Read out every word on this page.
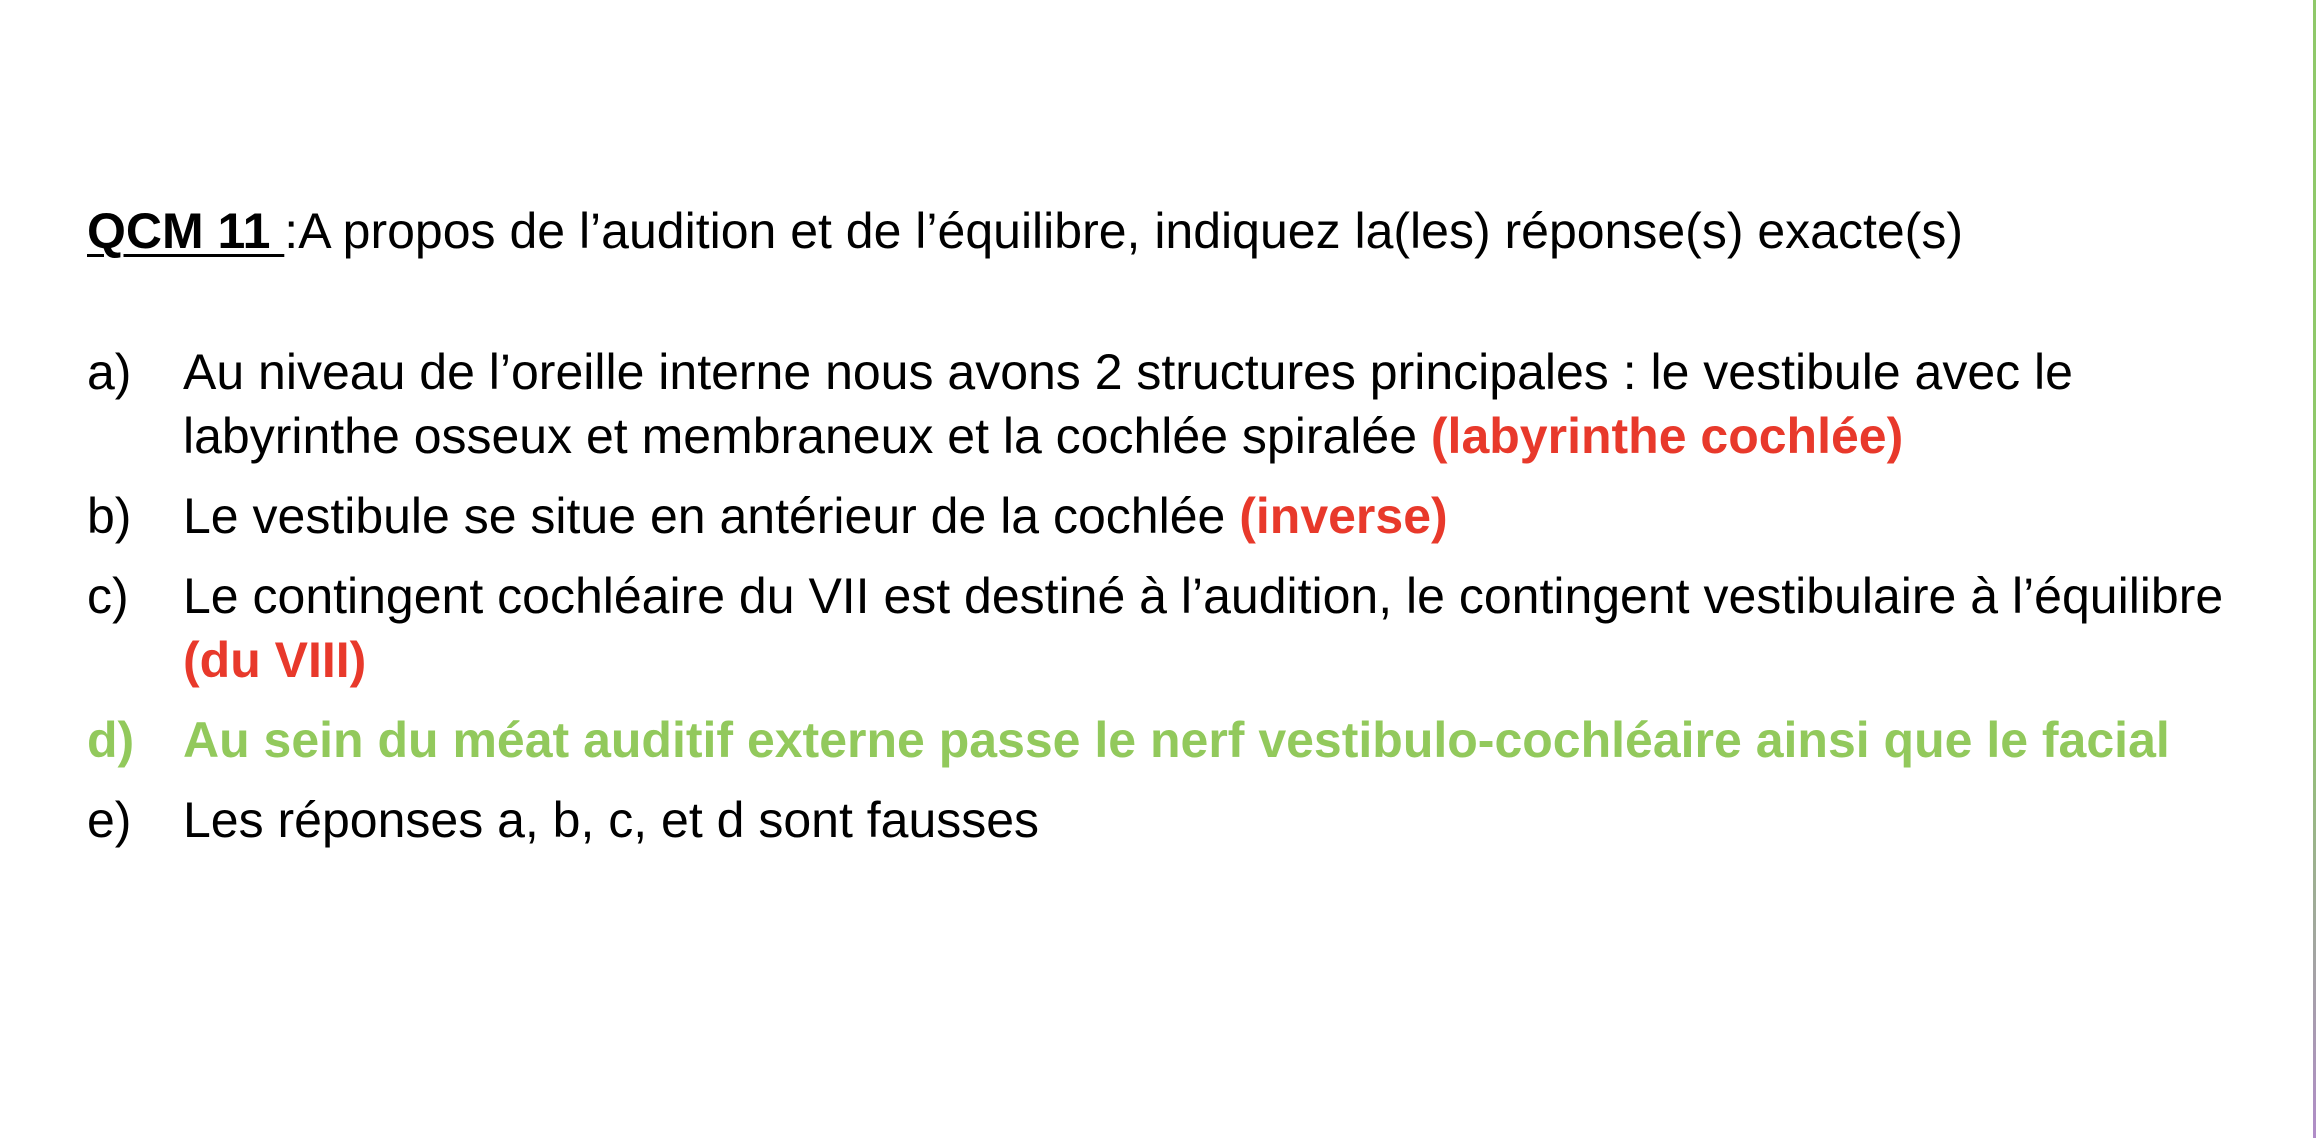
QCM 11 :A propos de l’audition et de l’équilibre, indiquez la(les) réponse(s) exacte(s)
a) Au niveau de l’oreille interne nous avons 2 structures principales : le vestibule avec le labyrinthe osseux et membraneux et la cochlée spiralée (labyrinthe cochlée)
b) Le vestibule se situe en antérieur de la cochlée (inverse)
c) Le contingent cochléaire du VII est destiné à l’audition, le contingent vestibulaire à l’équilibre (du VIII)
d) Au sein du méat auditif externe passe le nerf vestibulo-cochléaire ainsi que le facial
e) Les réponses a, b, c, et d sont fausses
